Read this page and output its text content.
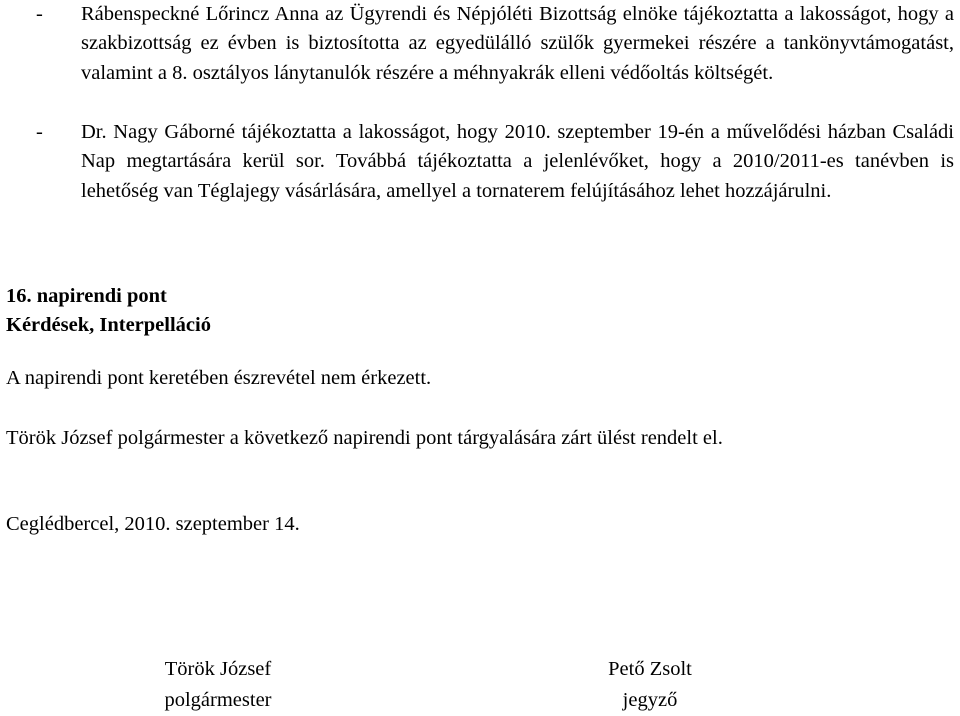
- Rábenspeckné Lőrincz Anna az Ügyrendi és Népjóléti Bizottság elnöke tájékoztatta a lakosságot, hogy a szakbizottság ez évben is biztosította az egyedülálló szülők gyermekei részére a tankönyvtámogatást, valamint a 8. osztályos lánytanulók részére a méhnyakrák elleni védőoltás költségét.
- Dr. Nagy Gáborné tájékoztatta a lakosságot, hogy 2010. szeptember 19-én a művelődési házban Családi Nap megtartására kerül sor. Továbbá tájékoztatta a jelenlévőket, hogy a 2010/2011-es tanévben is lehetőség van Téglajegy vásárlására, amellyel a tornaterem felújításához lehet hozzájárulni.
16. napirendi pont
Kérdések, Interpelláció
A napirendi pont keretében észrevétel nem érkezett.
Török József polgármester a következő napirendi pont tárgyalására zárt ülést rendelt el.
Ceglédbercel, 2010. szeptember 14.
Török József
polgármester
Pető Zsolt
jegyző
